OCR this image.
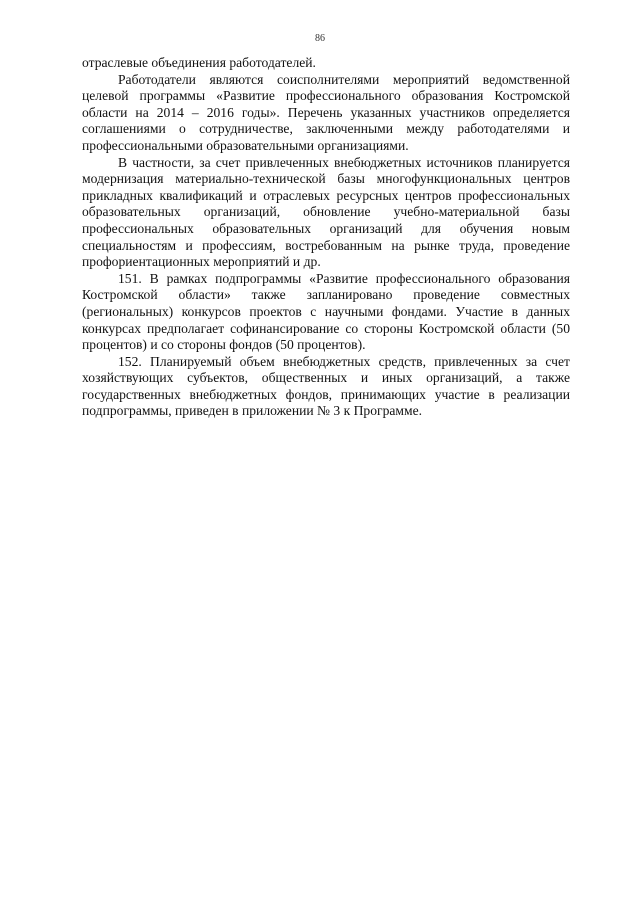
86

отраслевые объединения работодателей.

Работодатели являются соисполнителями мероприятий ведомственной целевой программы «Развитие профессионального образования Костромской области на 2014 – 2016 годы». Перечень указанных участников определяется соглашениями о сотрудничестве, заключенными между работодателями и профессиональными образовательными организациями.

В частности, за счет привлеченных внебюджетных источников планируется модернизация материально-технической базы многофункциональных центров прикладных квалификаций и отраслевых ресурсных центров профессиональных образовательных организаций, обновление учебно-материальной базы профессиональных образовательных организаций для обучения новым специальностям и профессиям, востребованным на рынке труда, проведение профориентационных мероприятий и др.

151. В рамках подпрограммы «Развитие профессионального образования Костромской области» также запланировано проведение совместных (региональных) конкурсов проектов с научными фондами. Участие в данных конкурсах предполагает софинансирование со стороны Костромской области (50 процентов) и со стороны фондов (50 процентов).

152. Планируемый объем внебюджетных средств, привлеченных за счет хозяйствующих субъектов, общественных и иных организаций, а также государственных внебюджетных фондов, принимающих участие в реализации подпрограммы, приведен в приложении № 3 к Программе.
